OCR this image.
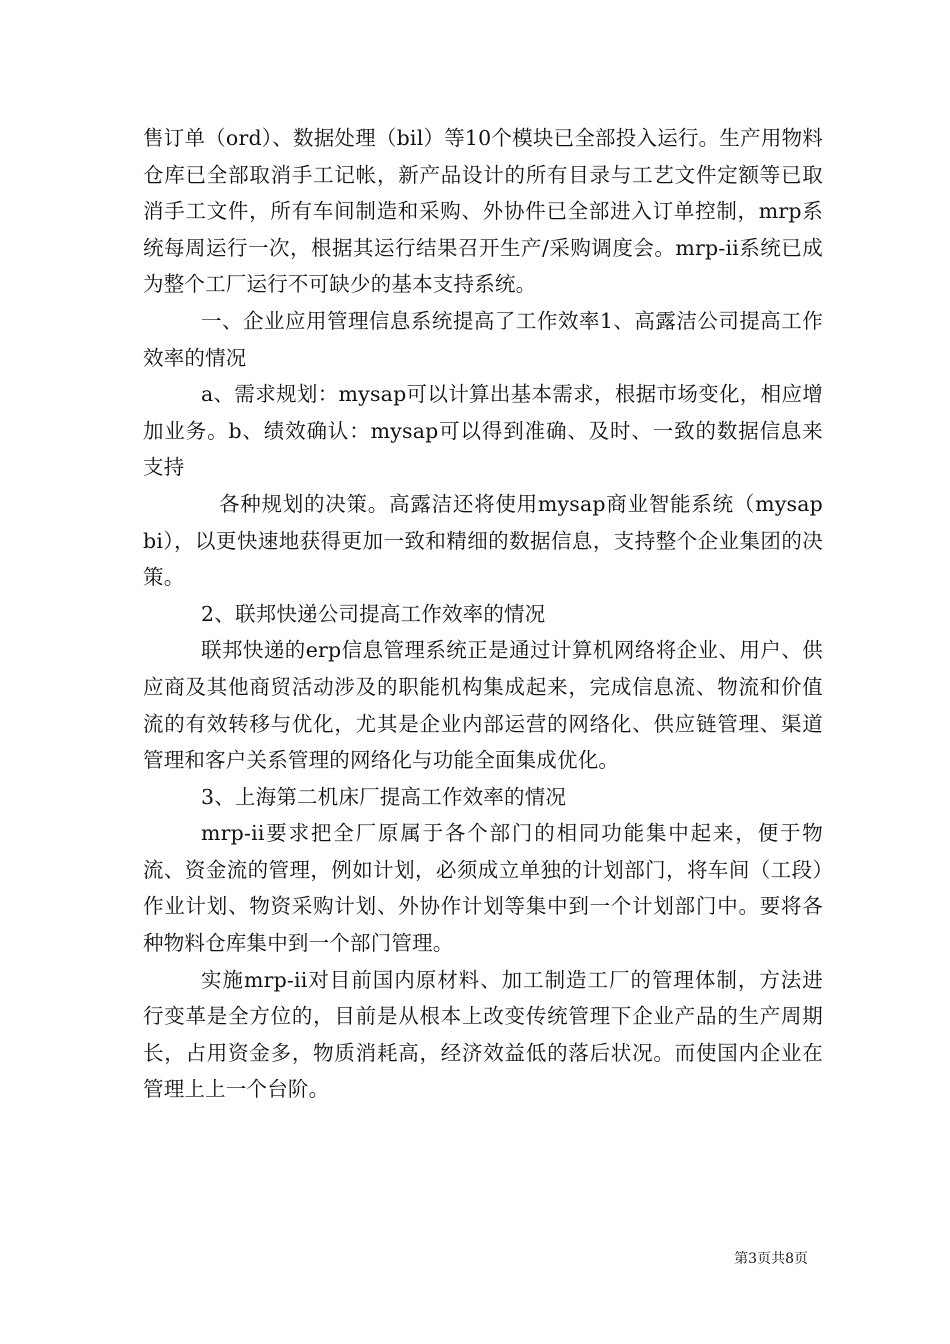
售订单（ord）、数据处理（bil）等10个模块已全部投入运行。生产用物料仓库已全部取消手工记帐，新产品设计的所有目录与工艺文件定额等已取消手工文件，所有车间制造和采购、外协件已全部进入订单控制，mrp系统每周运行一次，根据其运行结果召开生产/采购调度会。mrp-ii系统已成为整个工厂运行不可缺少的基本支持系统。

一、企业应用管理信息系统提高了工作效率1、高露洁公司提高工作效率的情况

a、需求规划：mysap可以计算出基本需求，根据市场变化，相应增加业务。b、绩效确认：mysap可以得到准确、及时、一致的数据信息来支持

各种规划的决策。高露洁还将使用mysap商业智能系统（mysapbi），以更快速地获得更加一致和精细的数据信息，支持整个企业集团的决策。

2、联邦快递公司提高工作效率的情况

联邦快递的erp信息管理系统正是通过计算机网络将企业、用户、供应商及其他商贸活动涉及的职能机构集成起来，完成信息流、物流和价值流的有效转移与优化，尤其是企业内部运营的网络化、供应链管理、渠道管理和客户关系管理的网络化与功能全面集成优化。

3、上海第二机床厂提高工作效率的情况

mrp-ii要求把全厂原属于各个部门的相同功能集中起来，便于物流、资金流的管理，例如计划，必须成立单独的计划部门，将车间（工段）作业计划、物资采购计划、外协作计划等集中到一个计划部门中。要将各种物料仓库集中到一个部门管理。

实施mrp-ii对目前国内原材料、加工制造工厂的管理体制，方法进行变革是全方位的，目前是从根本上改变传统管理下企业产品的生产周期长，占用资金多，物质消耗高，经济效益低的落后状况。而使国内企业在管理上上一个台阶。

第3页共8页
